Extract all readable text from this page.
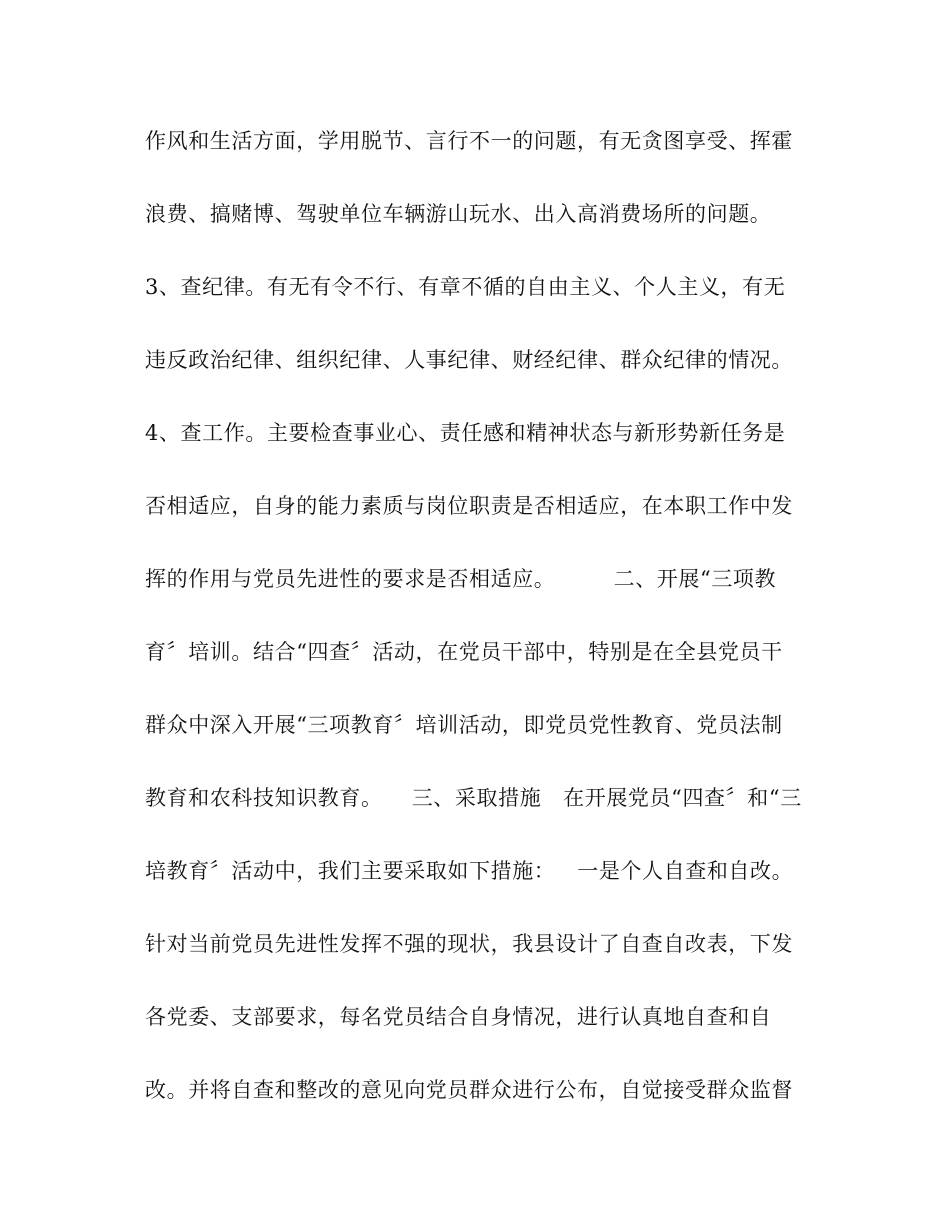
作风和生活方面，学用脱节、言行不一的问题，有无贪图享受、挥霍
浪费、搞赌博、驾驶单位车辆游山玩水、出入高消费场所的问题。
3、查纪律。有无有令不行、有章不循的自由主义、个人主义，有无
违反政治纪律、组织纪律、人事纪律、财经纪律、群众纪律的情况。
4、查工作。主要检查事业心、责任感和精神状态与新形势新任务是
否相适应，自身的能力素质与岗位职责是否相适应，在本职工作中发
挥的作用与党员先进性的要求是否相适应。        二、开展“三项教
育〞培训。结合“四查〞活动，在党员干部中，特别是在全县党员干
群众中深入开展“三项教育〞培训活动，即党员党性教育、党员法制
教育和农科技知识教育。    三、采取措施   在开展党员“四查〞和“三
培教育〞活动中，我们主要采取如下措施：   一是个人自查和自改。
针对当前党员先进性发挥不强的现状，我县设计了自查自改表，下发
各党委、支部要求，每名党员结合自身情况，进行认真地自查和自
改。并将自查和整改的意见向党员群众进行公布，自觉接受群众监督
